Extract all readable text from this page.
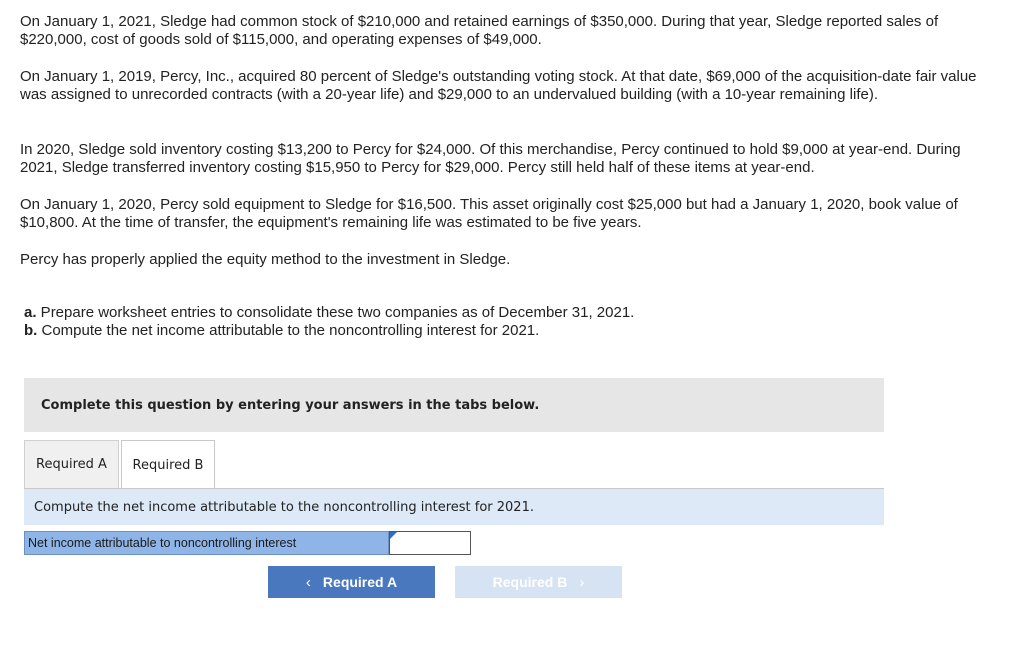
On January 1, 2021, Sledge had common stock of $210,000 and retained earnings of $350,000. During that year, Sledge reported sales of $220,000, cost of goods sold of $115,000, and operating expenses of $49,000.

On January 1, 2019, Percy, Inc., acquired 80 percent of Sledge's outstanding voting stock. At that date, $69,000 of the acquisition-date fair value was assigned to unrecorded contracts (with a 20-year life) and $29,000 to an undervalued building (with a 10-year remaining life).

In 2020, Sledge sold inventory costing $13,200 to Percy for $24,000. Of this merchandise, Percy continued to hold $9,000 at year-end. During 2021, Sledge transferred inventory costing $15,950 to Percy for $29,000. Percy still held half of these items at year-end.

On January 1, 2020, Percy sold equipment to Sledge for $16,500. This asset originally cost $25,000 but had a January 1, 2020, book value of $10,800. At the time of transfer, the equipment's remaining life was estimated to be five years.

Percy has properly applied the equity method to the investment in Sledge.

a. Prepare worksheet entries to consolidate these two companies as of December 31, 2021.
b. Compute the net income attributable to the noncontrolling interest for 2021.
Complete this question by entering your answers in the tabs below.
Required A Required B
Compute the net income attributable to the noncontrolling interest for 2021.
Net income attributable to noncontrolling interest
‹ Required A	Required B ›
